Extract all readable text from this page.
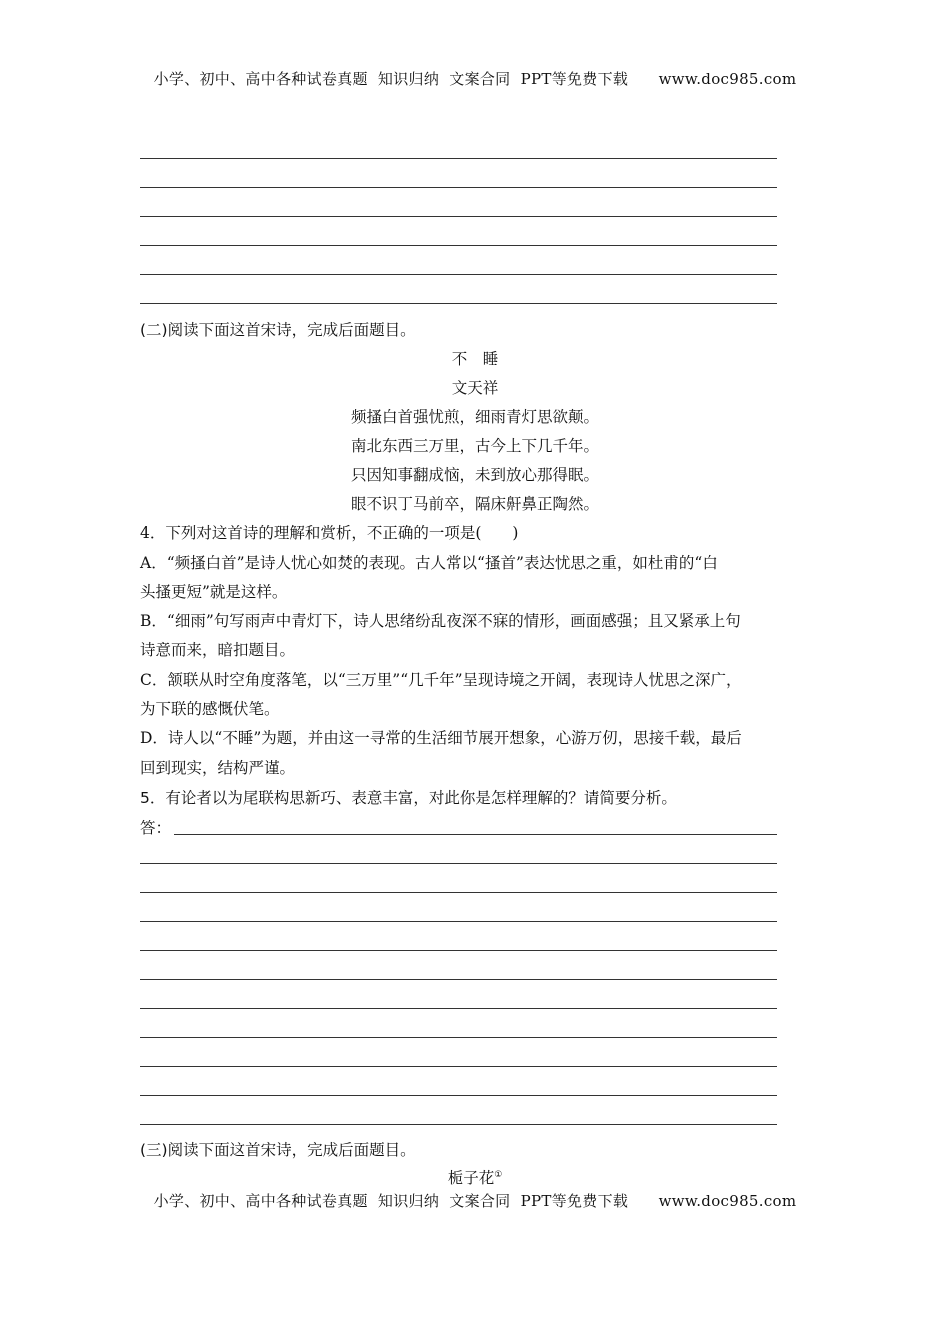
小学、初中、高中各种试卷真题  知识归纳  文案合同  PPT等免费下载      www.doc985.com
(二)阅读下面这首宋诗，完成后面题目。
不　睡
文天祥
频搔白首强忧煎，细雨青灯思欲颠。
南北东西三万里，古今上下几千年。
只因知事翻成恼，未到放心那得眠。
眼不识丁马前卒，隔床鼾鼻正陶然。
4．下列对这首诗的理解和赏析，不正确的一项是(　　)
A．“频搔白首”是诗人忧心如焚的表现。古人常以“搔首”表达忧思之重，如杜甫的“白
头搔更短”就是这样。
B．“细雨”句写雨声中青灯下，诗人思绪纷乱夜深不寐的情形，画面感强；且又紧承上句
诗意而来，暗扣题目。
C．颔联从时空角度落笔，以“三万里”“几千年”呈现诗境之开阔，表现诗人忧思之深广，
为下联的感慨伏笔。
D．诗人以“不睡”为题，并由这一寻常的生活细节展开想象，心游万仞，思接千载，最后
回到现实，结构严谨。
5．有论者以为尾联构思新巧、表意丰富，对此你是怎样理解的？请简要分析。
答：
(三)阅读下面这首宋诗，完成后面题目。
栀子花①
小学、初中、高中各种试卷真题  知识归纳  文案合同  PPT等免费下载      www.doc985.com
